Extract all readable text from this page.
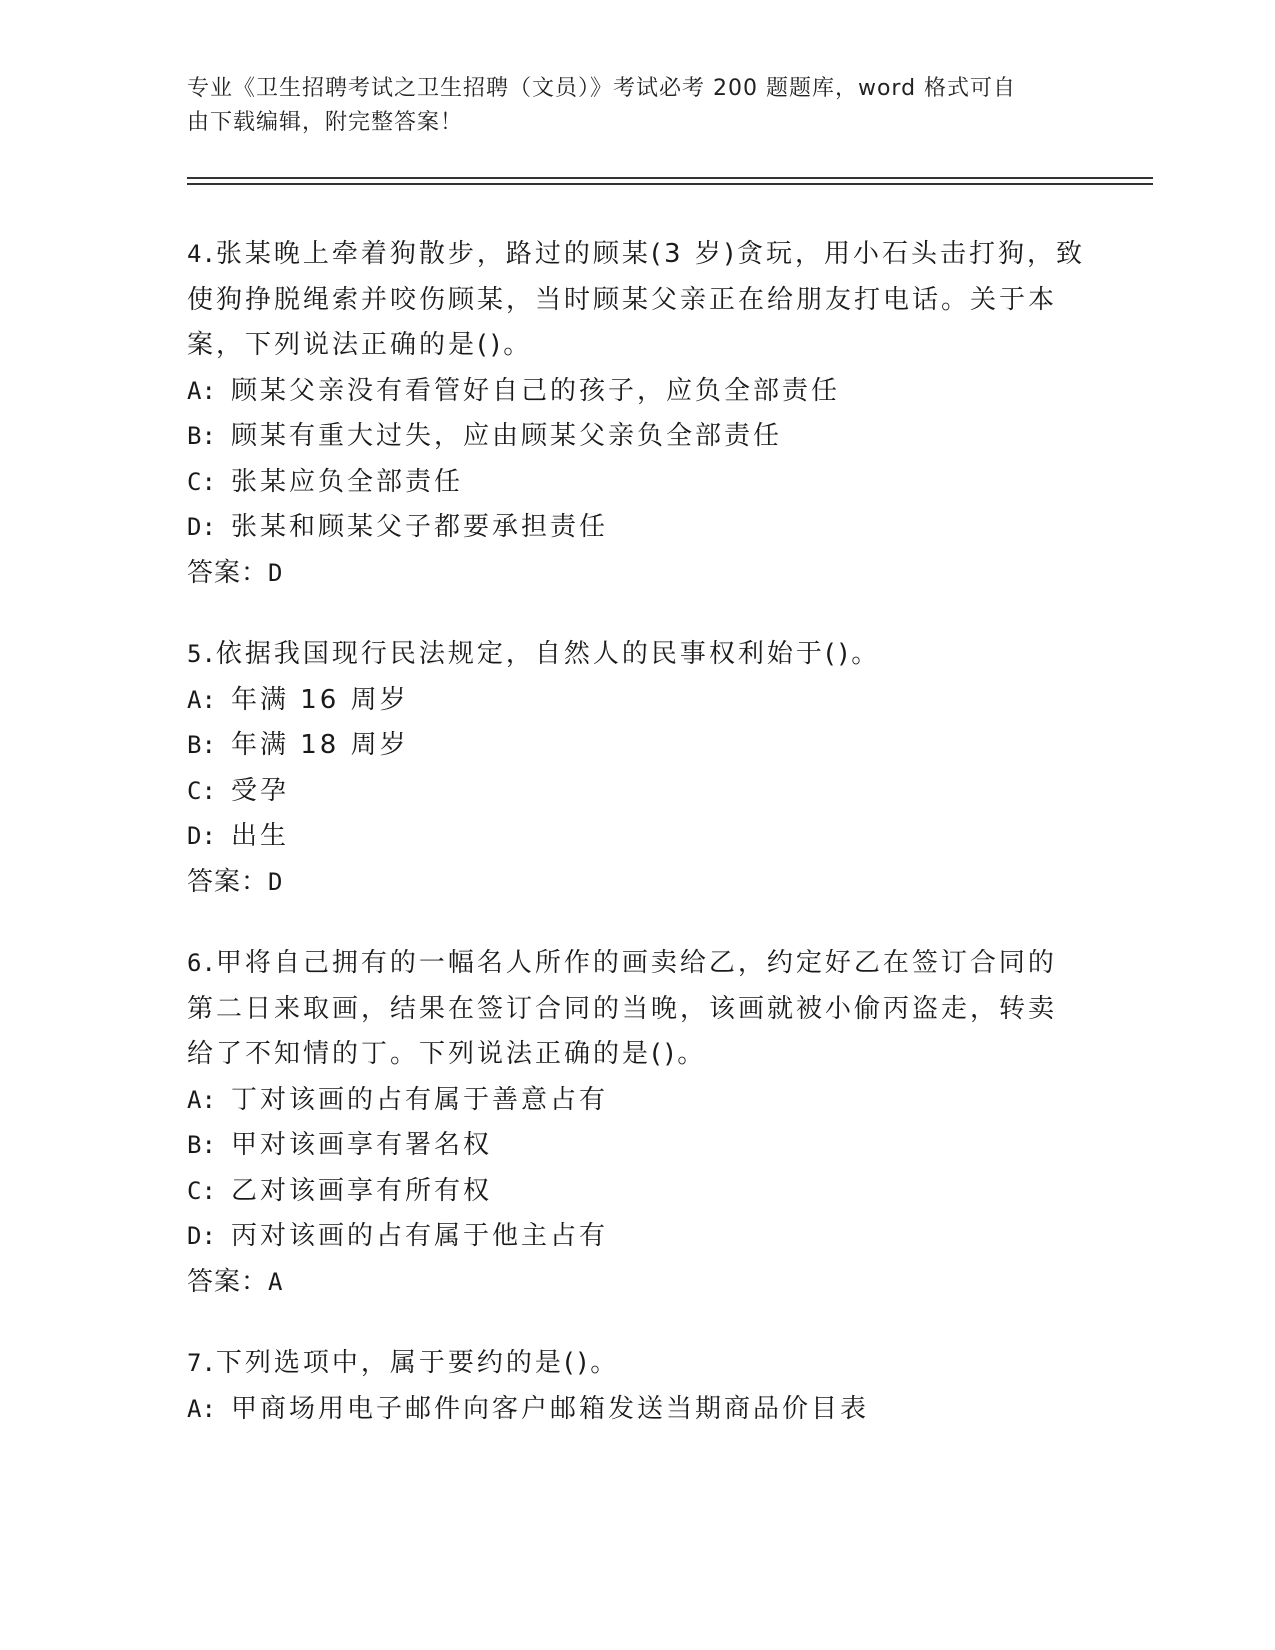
专业《卫生招聘考试之卫生招聘（文员）》考试必考 200 题题库，word 格式可自
由下载编辑，附完整答案！
4.张某晚上牵着狗散步，路过的顾某(3 岁)贪玩，用小石头击打狗，致
使狗挣脱绳索并咬伤顾某，当时顾某父亲正在给朋友打电话。关于本
案，下列说法正确的是()。
A: 顾某父亲没有看管好自己的孩子，应负全部责任
B: 顾某有重大过失，应由顾某父亲负全部责任
C: 张某应负全部责任
D: 张某和顾某父子都要承担责任
答案：D
5.依据我国现行民法规定，自然人的民事权利始于()。
A: 年满 16 周岁
B: 年满 18 周岁
C: 受孕
D: 出生
答案：D
6.甲将自己拥有的一幅名人所作的画卖给乙，约定好乙在签订合同的
第二日来取画，结果在签订合同的当晚，该画就被小偷丙盗走，转卖
给了不知情的丁。下列说法正确的是()。
A: 丁对该画的占有属于善意占有
B: 甲对该画享有署名权
C: 乙对该画享有所有权
D: 丙对该画的占有属于他主占有
答案：A
7.下列选项中，属于要约的是()。
A: 甲商场用电子邮件向客户邮箱发送当期商品价目表
